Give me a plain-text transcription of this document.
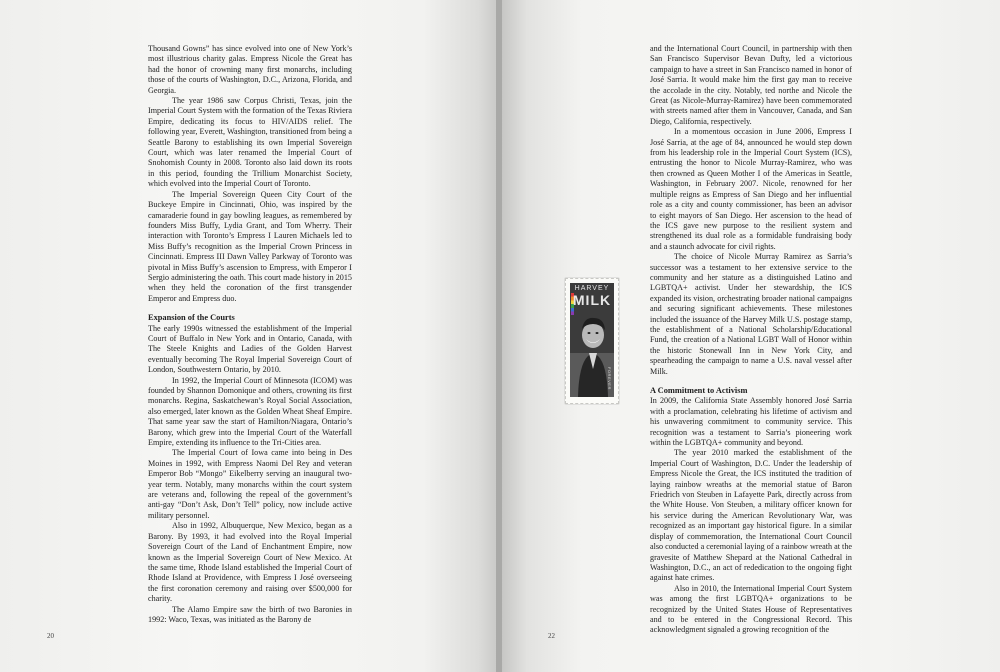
Thousand Gowns” has since evolved into one of New York’s most illustrious charity galas. Empress Nicole the Great has had the honor of crowning many first monarchs, including those of the courts of Washington, D.C., Arizona, Florida, and Georgia.

The year 1986 saw Corpus Christi, Texas, join the Imperial Court System with the formation of the Texas Riviera Empire, dedicating its focus to HIV/AIDS relief. The following year, Everett, Washington, transitioned from being a Seattle Barony to establishing its own Imperial Sovereign Court, which was later renamed the Imperial Court of Snohomish County in 2008. Toronto also laid down its roots in this period, founding the Trillium Monarchist Society, which evolved into the Imperial Court of Toronto.

The Imperial Sovereign Queen City Court of the Buckeye Empire in Cincinnati, Ohio, was inspired by the camaraderie found in gay bowling leagues, as remembered by founders Miss Buffy, Lydia Grant, and Tom Wherry. Their interaction with Toronto’s Empress I Lauren Michaels led to Miss Buffy’s recognition as the Imperial Crown Princess in Cincinnati. Empress III Dawn Valley Parkway of Toronto was pivotal in Miss Buffy’s ascension to Empress, with Emperor I Sergio administering the oath. This court made history in 2015 when they held the coronation of the first transgender Emperor and Empress duo.

Expansion of the Courts

The early 1990s witnessed the establishment of the Imperial Court of Buffalo in New York and in Ontario, Canada, with The Steele Knights and Ladies of the Golden Harvest eventually becoming The Royal Imperial Sovereign Court of London, Southwestern Ontario, by 2010.

In 1992, the Imperial Court of Minnesota (ICOM) was founded by Shannon Domonique and others, crowning its first monarchs. Regina, Saskatchewan’s Royal Social Association, also emerged, later known as the Golden Wheat Sheaf Empire. That same year saw the start of Hamilton/Niagara, Ontario’s Barony, which grew into the Imperial Court of the Waterfall Empire, extending its influence to the Tri-Cities area.

The Imperial Court of Iowa came into being in Des Moines in 1992, with Empress Naomi Del Rey and veteran Emperor Bob “Mongo” Eikelberry serving an inaugural two-year term. Notably, many monarchs within the court system are veterans and, following the repeal of the government’s anti-gay “Don’t Ask, Don’t Tell” policy, now include active military personnel.

Also in 1992, Albuquerque, New Mexico, began as a Barony. By 1993, it had evolved into the Royal Imperial Sovereign Court of the Land of Enchantment Empire, now known as the Imperial Sovereign Court of New Mexico. At the same time, Rhode Island established the Imperial Court of Rhode Island at Providence, with Empress I José overseeing the first coronation ceremony and raising over $500,000 for charity.

The Alamo Empire saw the birth of two Baronies in 1992: Waco, Texas, was initiated as the Barony de

20
HARVEY
MILK
FOREVER

and the International Court Council, in partnership with then San Francisco Supervisor Bevan Dufty, led a victorious campaign to have a street in San Francisco named in honor of José Sarria. It would make him the first gay man to receive the accolade in the city. Notably, ted northe and Nicole the Great (as Nicole-Murray-Ramirez) have been commemorated with streets named after them in Vancouver, Canada, and San Diego, California, respectively.

In a momentous occasion in June 2006, Empress I José Sarria, at the age of 84, announced he would step down from his leadership role in the Imperial Court System (ICS), entrusting the honor to Nicole Murray-Ramirez, who was then crowned as Queen Mother I of the Americas in Seattle, Washington, in February 2007. Nicole, renowned for her multiple reigns as Empress of San Diego and her influential role as a city and county commissioner, has been an advisor to eight mayors of San Diego. Her ascension to the head of the ICS gave new purpose to the resilient system and strengthened its dual role as a formidable fundraising body and a staunch advocate for civil rights.

The choice of Nicole Murray Ramirez as Sarria’s successor was a testament to her extensive service to the community and her stature as a distinguished Latino and LGBTQA+ activist. Under her stewardship, the ICS expanded its vision, orchestrating broader national campaigns and securing significant achievements. These milestones included the issuance of the Harvey Milk U.S. postage stamp, the establishment of a National Scholarship/Educational Fund, the creation of a National LGBT Wall of Honor within the historic Stonewall Inn in New York City, and spearheading the campaign to name a U.S. naval vessel after Milk.

A Commitment to Activism

In 2009, the California State Assembly honored José Sarria with a proclamation, celebrating his lifetime of activism and his unwavering commitment to community service. This recognition was a testament to Sarria’s pioneering work within the LGBTQA+ community and beyond.

The year 2010 marked the establishment of the Imperial Court of Washington, D.C. Under the leadership of Empress Nicole the Great, the ICS instituted the tradition of laying rainbow wreaths at the memorial statue of Baron Friedrich von Steuben in Lafayette Park, directly across from the White House. Von Steuben, a military officer known for his service during the American Revolutionary War, was recognized as an important gay historical figure. In a similar display of commemoration, the International Court Council also conducted a ceremonial laying of a rainbow wreath at the gravesite of Matthew Shepard at the National Cathedral in Washington, D.C., an act of rededication to the ongoing fight against hate crimes.

Also in 2010, the International Imperial Court System was among the first LGBTQA+ organizations to be recognized by the United States House of Representatives and to be entered in the Congressional Record. This acknowledgment signaled a growing recognition of the

22
